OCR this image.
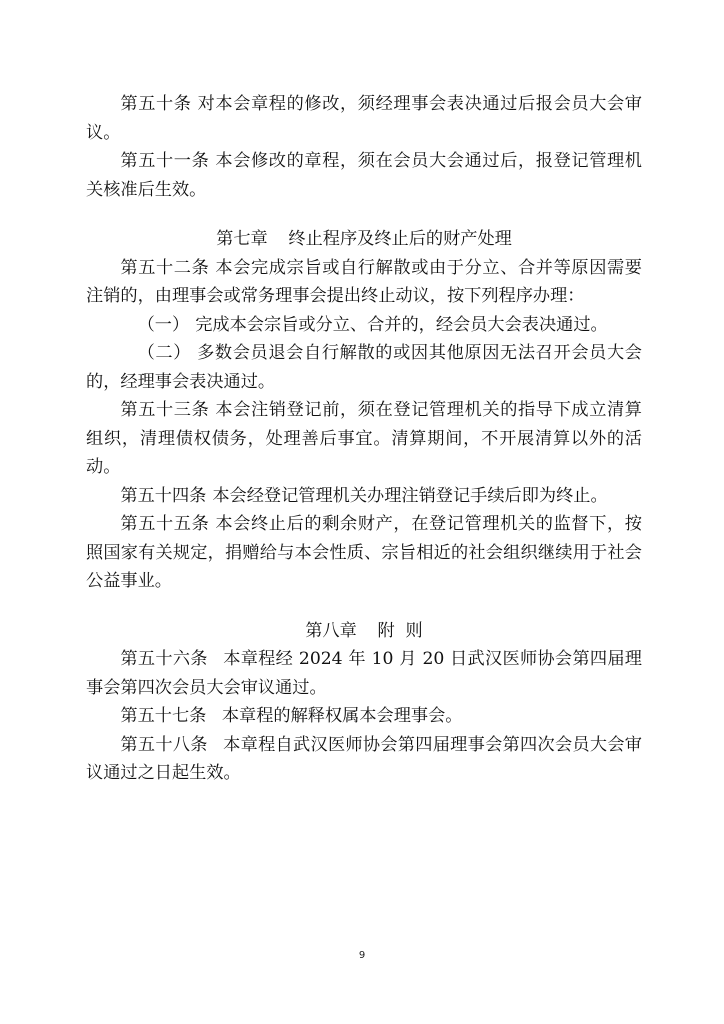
第五十条 对本会章程的修改，须经理事会表决通过后报会员大会审议。

第五十一条 本会修改的章程，须在会员大会通过后，报登记管理机关核准后生效。

第七章 终止程序及终止后的财产处理

第五十二条 本会完成宗旨或自行解散或由于分立、合并等原因需要注销的，由理事会或常务理事会提出终止动议，按下列程序办理：

（一） 完成本会宗旨或分立、合并的，经会员大会表决通过。

（二） 多数会员退会自行解散的或因其他原因无法召开会员大会的，经理事会表决通过。

第五十三条 本会注销登记前，须在登记管理机关的指导下成立清算组织，清理债权债务，处理善后事宜。清算期间，不开展清算以外的活动。

第五十四条 本会经登记管理机关办理注销登记手续后即为终止。

第五十五条 本会终止后的剩余财产，在登记管理机关的监督下，按照国家有关规定，捐赠给与本会性质、宗旨相近的社会组织继续用于社会公益事业。

第八章 附  则

第五十六条 本章程经 2024 年 10 月 20 日武汉医师协会第四届理事会第四次会员大会审议通过。

第五十七条 本章程的解释权属本会理事会。

第五十八条 本章程自武汉医师协会第四届理事会第四次会员大会审议通过之日起生效。

9
